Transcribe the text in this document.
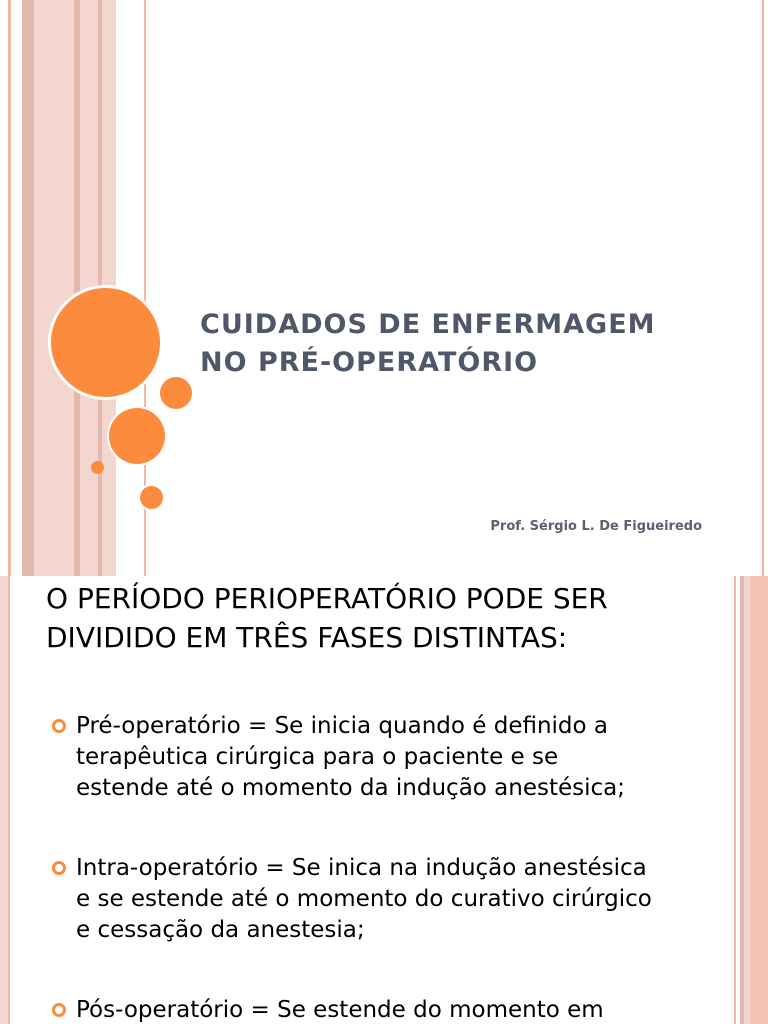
CUIDADOS DE ENFERMAGEM NO PRÉ-OPERATÓRIO
Prof. Sérgio L. De Figueiredo
O PERÍODO PERIOPERATÓRIO PODE SER DIVIDIDO EM TRÊS FASES DISTINTAS:
Pré-operatório = Se inicia quando é definido a terapêutica cirúrgica para o paciente e se estende até o momento da indução anestésica;
Intra-operatório = Se inica na indução anestésica e se estende até o momento do curativo cirúrgico e cessação da anestesia;
Pós-operatório = Se estende do momento em
